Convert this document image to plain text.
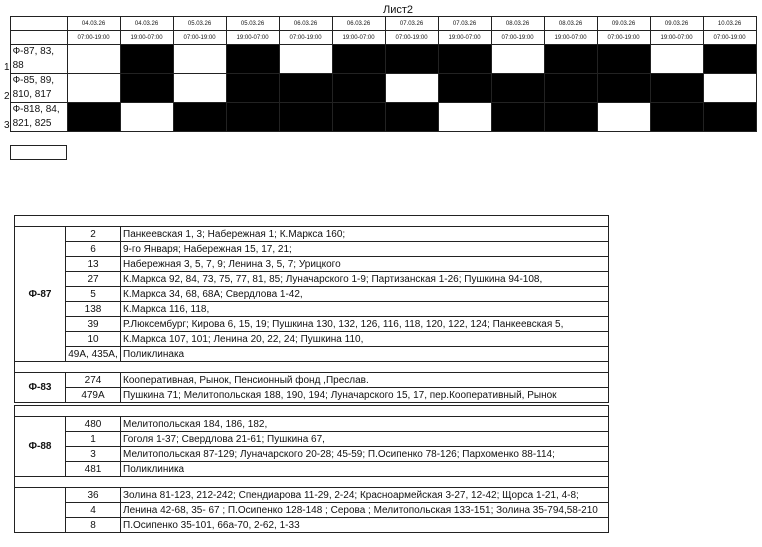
Лист2
		04.03.26	04.03.26	05.03.26	05.03.26	06.03.26	06.03.26	07.03.26	07.03.26	08.03.26	08.03.26	09.03.26	09.03.26	10.03.26
		07:00-19:00	19:00-07:00	07:00-19:00	19:00-07:00	07:00-19:00	19:00-07:00	07:00-19:00	19:00-07:00	07:00-19:00	19:00-07:00	07:00-19:00	19:00-07:00	07:00-19:00
1	Ф-87, 83, 88													
2	Ф-85, 89, 810, 817													
3	Ф-818, 84, 821, 825													

Ф-87	2	Панкеевская 1, 3; Набережная 1; К.Маркса 160;
	6	9-го Января; Набережная 15, 17, 21;
	13	Набережная 3, 5, 7, 9; Ленина 3, 5, 7; Урицкого
	27	К.Маркса 92, 84, 73, 75, 77, 81, 85; Луначарского 1-9; Партизанская 1-26; Пушкина 94-108,
	5	К.Маркса 34, 68, 68А; Свердлова 1-42,
	138	К.Маркса 116, 118,
	39	Р.Люксембург; Кирова 6, 15, 19; Пушкина 130, 132, 126, 116, 118, 120, 122, 124; Панкеевская 5,
	10	К.Маркса 107, 101; Ленина 20, 22, 24; Пушкина 110,
	49А, 435А,	Поликлинака

Ф-83	274	Кооперативная, Рынок, Пенсионный фонд ,Преслав.
	479А	Пушкина 71; Мелитопольская 188, 190, 194; Луначарского 15, 17, пер.Кооперативный, Рынок

Ф-88	480	Мелитопольская 184, 186, 182,
	1	Гоголя 1-37; Свердлова 21-61; Пушкина 67,
	3	Мелитопольская 87-129; Луначарского 20-28; 45-59; П.Осипенко 78-126; Пархоменко 88-114;
	481	Поликлиника

	36	Золина 81-123, 212-242; Спендиарова 11-29, 2-24; Красноармейская 3-27, 12-42; Щорса 1-21, 4-8;
	4	Ленина 42-68, 35- 67 ; П.Осипенко 128-148 ; Серова ; Мелитопольская 133-151; Золина 35-794,58-210
	8	П.Осипенко 35-101, 66а-70, 2-62, 1-33
